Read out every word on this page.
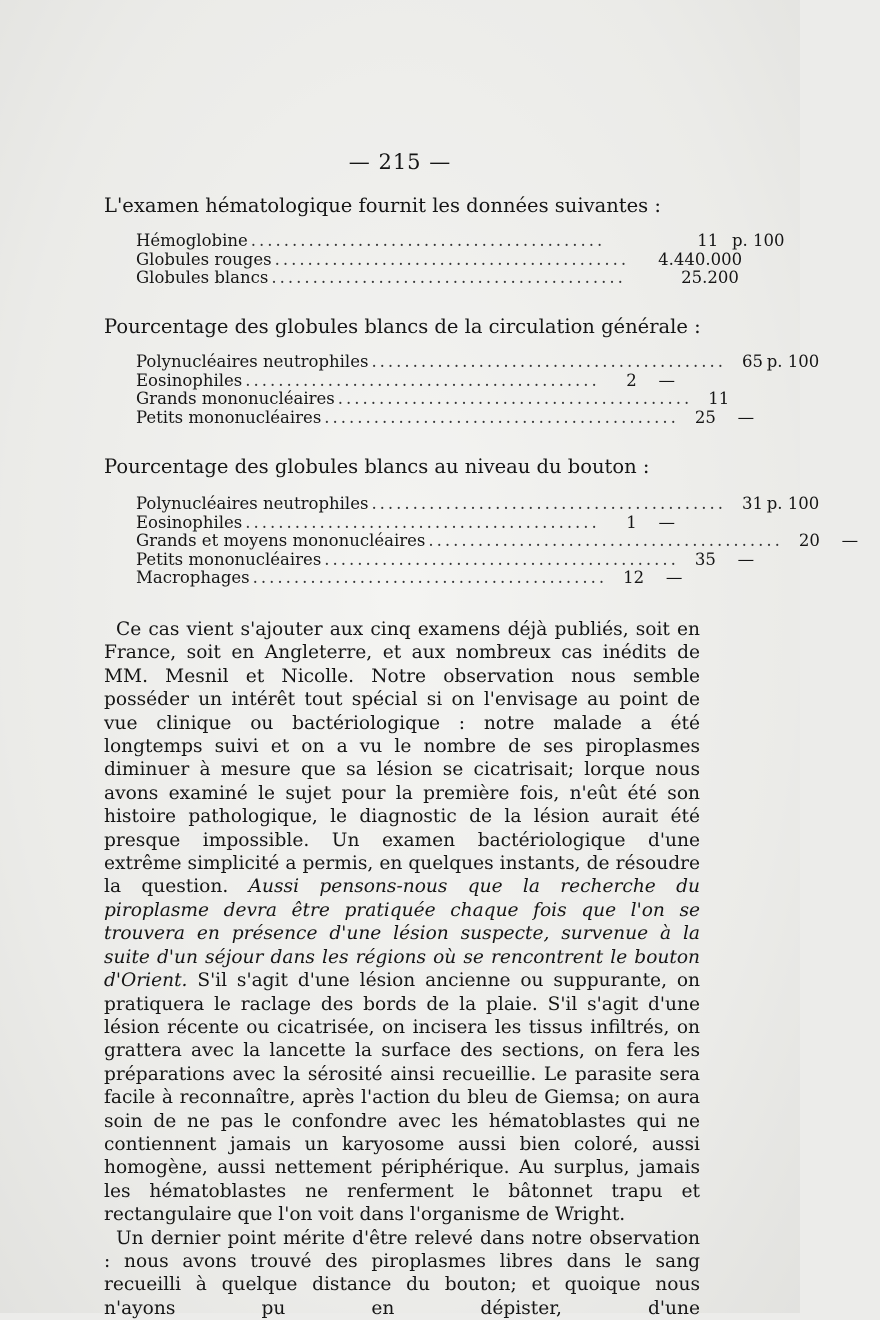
— 215 —
L'examen hématologique fournit les données suivantes :
Hémoglobine ...........................................	11 p. 100
Globules rouges ...........................................	4.440.000
Globules blancs ...........................................	25.200
Pourcentage des globules blancs de la circulation générale :
Polynucléaires neutrophiles ........................................... 65 p. 100
Eosinophiles ...........................................	2	—
Grands mononucléaires ........................................... 11
Petits mononucléaires ........................................... 25	—
Pourcentage des globules blancs au niveau du bouton :
Polynucléaires neutrophiles ........................................... 31 p. 100
Eosinophiles ...........................................	1	—
Grands et moyens mononucléaires ........................................... 20	—
Petits mononucléaires ........................................... 35	—
Macrophages ........................................... 12	—

Ce cas vient s'ajouter aux cinq examens déjà publiés, soit en France, soit en Angleterre, et aux nombreux cas inédits de MM. Mesnil et Nicolle. Notre observation nous semble posséder un intérêt tout spécial si on l'envisage au point de vue clinique ou bactériologique : notre malade a été longtemps suivi et on a vu le nombre de ses piroplasmes diminuer à mesure que sa lésion se cicatrisait; lorque nous avons examiné le sujet pour la première fois, n'eût été son histoire pathologique, le diagnostic de la lésion aurait été presque impossible. Un examen bactériologique d'une extrême simplicité a permis, en quelques instants, de résoudre la question. Aussi pensons-nous que la recherche du piroplasme devra être pratiquée chaque fois que l'on se trouvera en présence d'une lésion suspecte, survenue à la suite d'un séjour dans les régions où se rencontrent le bouton d'Orient. S'il s'agit d'une lésion ancienne ou suppurante, on pratiquera le raclage des bords de la plaie. S'il s'agit d'une lésion récente ou cicatrisée, on incisera les tissus infiltrés, on grattera avec la lancette la surface des sections, on fera les préparations avec la sérosité ainsi recueillie. Le parasite sera facile à reconnaître, après l'action du bleu de Giemsa; on aura soin de ne pas le confondre avec les hématoblastes qui ne contiennent jamais un karyosome aussi bien coloré, aussi homogène, aussi nettement périphérique. Au surplus, jamais les hématoblastes ne renferment le bâtonnet trapu et rectangulaire que l'on voit dans l'organisme de Wright.

Un dernier point mérite d'être relevé dans notre observation : nous avons trouvé des piroplasmes libres dans le sang recueilli à quelque distance du bouton; et quoique nous n'ayons pu en dépister, d'une
